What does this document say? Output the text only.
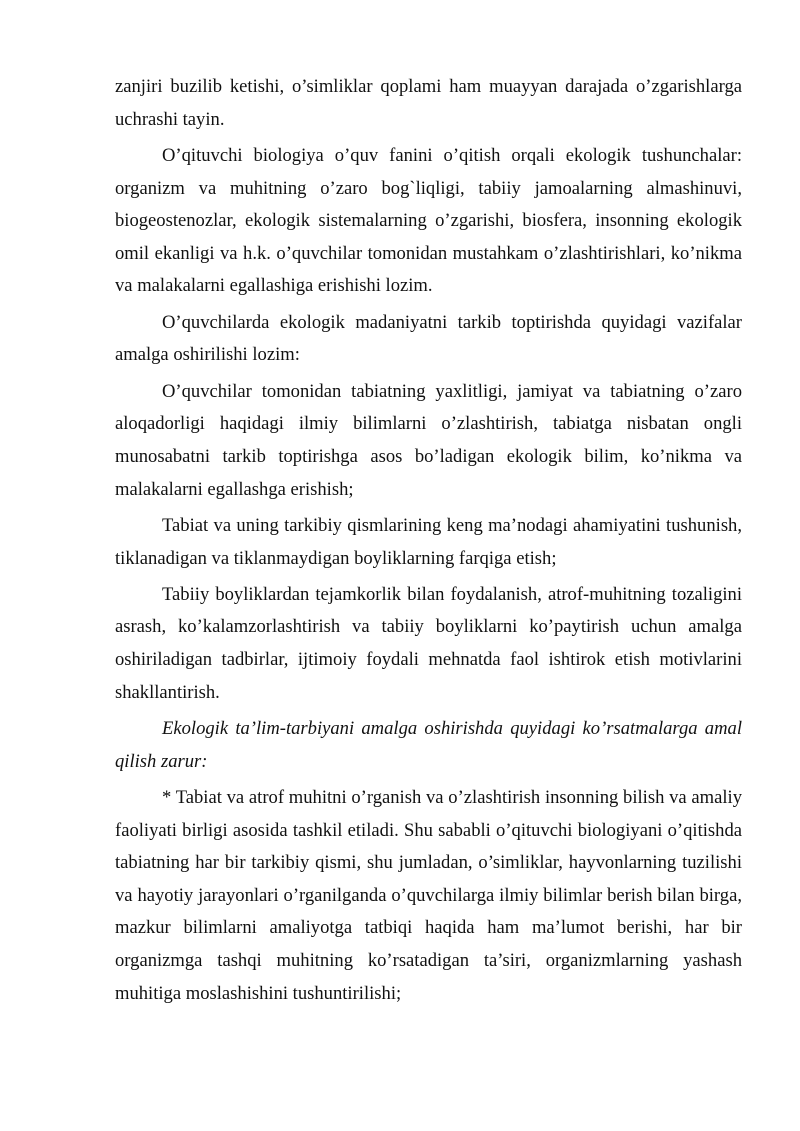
zanjiri buzilib ketishi, o’simliklar qoplami ham muayyan darajada o’zgarishlarga uchrashi tayin.

O’qituvchi biologiya o’quv fanini o’qitish orqali ekologik tushunchalar: organizm va muhitning o’zaro bog`liqligi, tabiiy jamoalarning almashinuvi, biogeostenozlar, ekologik sistemalarning o’zgarishi, biosfera, insonning ekologik omil ekanligi va h.k. o’quvchilar tomonidan mustahkam o’zlashtirishlari, ko’nikma va malakalarni egallashiga erishishi lozim.

O’quvchilarda ekologik madaniyatni tarkib toptirishda quyidagi vazifalar amalga oshirilishi lozim:

O’quvchilar tomonidan tabiatning yaxlitligi, jamiyat va tabiatning o’zaro aloqadorligi haqidagi ilmiy bilimlarni o’zlashtirish, tabiatga nisbatan ongli munosabatni tarkib toptirishga asos bo’ladigan ekologik bilim, ko’nikma va malakalarni egallashga erishish;

Tabiat va uning tarkibiy qismlarining keng ma’nodagi ahamiyatini tushunish, tiklanadigan va tiklanmaydigan boyliklarning farqiga etish;

Tabiiy boyliklardan tejamkorlik bilan foydalanish, atrof-muhitning tozaligini asrash, ko’kalamzorlashtirish va tabiiy boyliklarni ko’paytirish uchun amalga oshiriladigan tadbirlar, ijtimoiy foydali mehnatda faol ishtirok etish motivlarini shakllantirish.

Ekologik ta’lim-tarbiyani amalga oshirishda quyidagi ko’rsatmalarga amal qilish zarur:

* Tabiat va atrof muhitni o’rganish va o’zlashtirish insonning bilish va amaliy faoliyati birligi asosida tashkil etiladi. Shu sababli o’qituvchi biologiyani o’qitishda tabiatning har bir tarkibiy qismi, shu jumladan, o’simliklar, hayvonlarning tuzilishi va hayotiy jarayonlari o’rganilganda o’quvchilarga ilmiy bilimlar berish bilan birga, mazkur bilimlarni amaliyotga tatbiqi haqida ham ma’lumot berishi, har bir organizmga tashqi muhitning ko’rsatadigan ta’siri, organizmlarning yashash muhitiga moslashishini tushuntirilishi;
